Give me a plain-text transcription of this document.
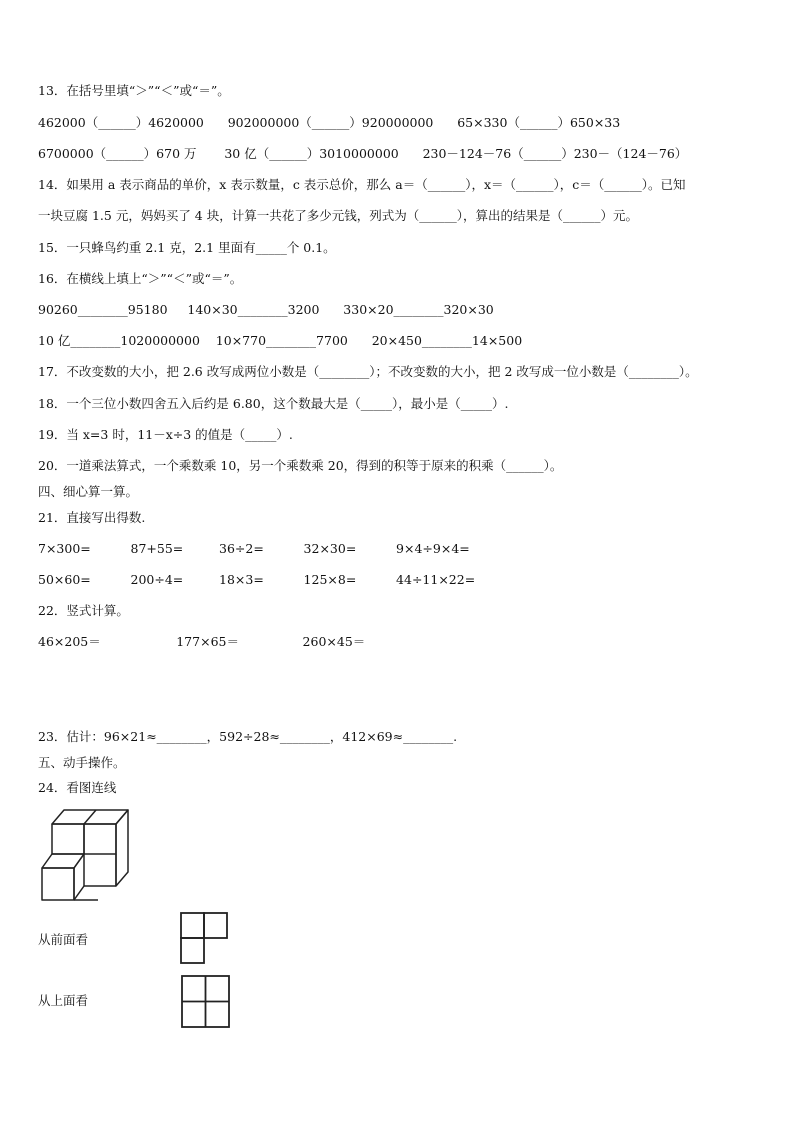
13．在括号里填“＞”“＜”或“＝”。
462000（______）4620000      902000000（______）920000000      65×330（______）650×33
6700000（______）670 万       30 亿（______）3010000000      230－124－76（______）230－（124－76）
14．如果用 a 表示商品的单价，x 表示数量，c 表示总价，那么 a＝（______），x＝（______），c＝（______）。已知
一块豆腐 1.5 元，妈妈买了 4 块，计算一共花了多少元钱，列式为（______），算出的结果是（______）元。
15．一只蜂鸟约重 2.1 克，2.1 里面有_____个 0.1。
16．在横线上填上“＞”“＜”或“＝”。
90260________95180     140×30________3200      330×20________320×30
10 亿________1020000000    10×770________7700      20×450________14×500
17．不改变数的大小，把 2.6 改写成两位小数是（________）；不改变数的大小，把 2 改写成一位小数是（________）。
18．一个三位小数四舍五入后约是 6.80，这个数最大是（_____），最小是（_____）.
19．当 x=3 时，11－x÷3 的值是（_____）.
20．一道乘法算式，一个乘数乘 10，另一个乘数乘 20，得到的积等于原来的积乘（______）。
四、细心算一算。
21．直接写出得数.
7×300=          87+55=         36÷2=          32×30=          9×4÷9×4=
50×60=          200÷4=         18×3=          125×8=          44÷11×22=
22．竖式计算。
46×205＝                   177×65＝                260×45＝
23．估计：96×21≈________，592÷28≈________，412×69≈________.
五、动手操作。
24．看图连线
从前面看
从上面看
